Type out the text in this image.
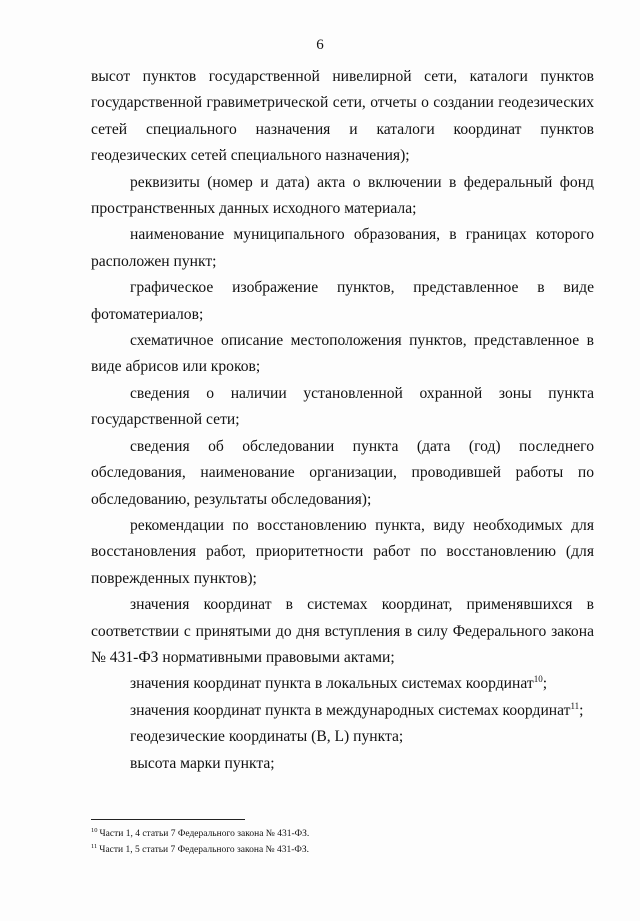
6

высот пунктов государственной нивелирной сети, каталоги пунктов государственной гравиметрической сети, отчеты о создании геодезических сетей специального назначения и каталоги координат пунктов геодезических сетей специального назначения);

реквизиты (номер и дата) акта о включении в федеральный фонд пространственных данных исходного материала;

наименование муниципального образования, в границах которого расположен пункт;

графическое изображение пунктов, представленное в виде фотоматериалов;

схематичное описание местоположения пунктов, представленное в виде абрисов или кроков;

сведения о наличии установленной охранной зоны пункта государственной сети;

сведения об обследовании пункта (дата (год) последнего обследования, наименование организации, проводившей работы по обследованию, результаты обследования);

рекомендации по восстановлению пункта, виду необходимых для восстановления работ, приоритетности работ по восстановлению (для поврежденных пунктов);

значения координат в системах координат, применявшихся в соответствии с принятыми до дня вступления в силу Федерального закона № 431-ФЗ нормативными правовыми актами;

значения координат пункта в локальных системах координат$^{10}$;

значения координат пункта в международных системах координат$^{11}$;

геодезические координаты (B, L) пункта;

высота марки пункта;

$^{10}$ Части 1, 4 статьи 7 Федерального закона № 431-ФЗ.

$^{11}$ Части 1, 5 статьи 7 Федерального закона № 431-ФЗ.
